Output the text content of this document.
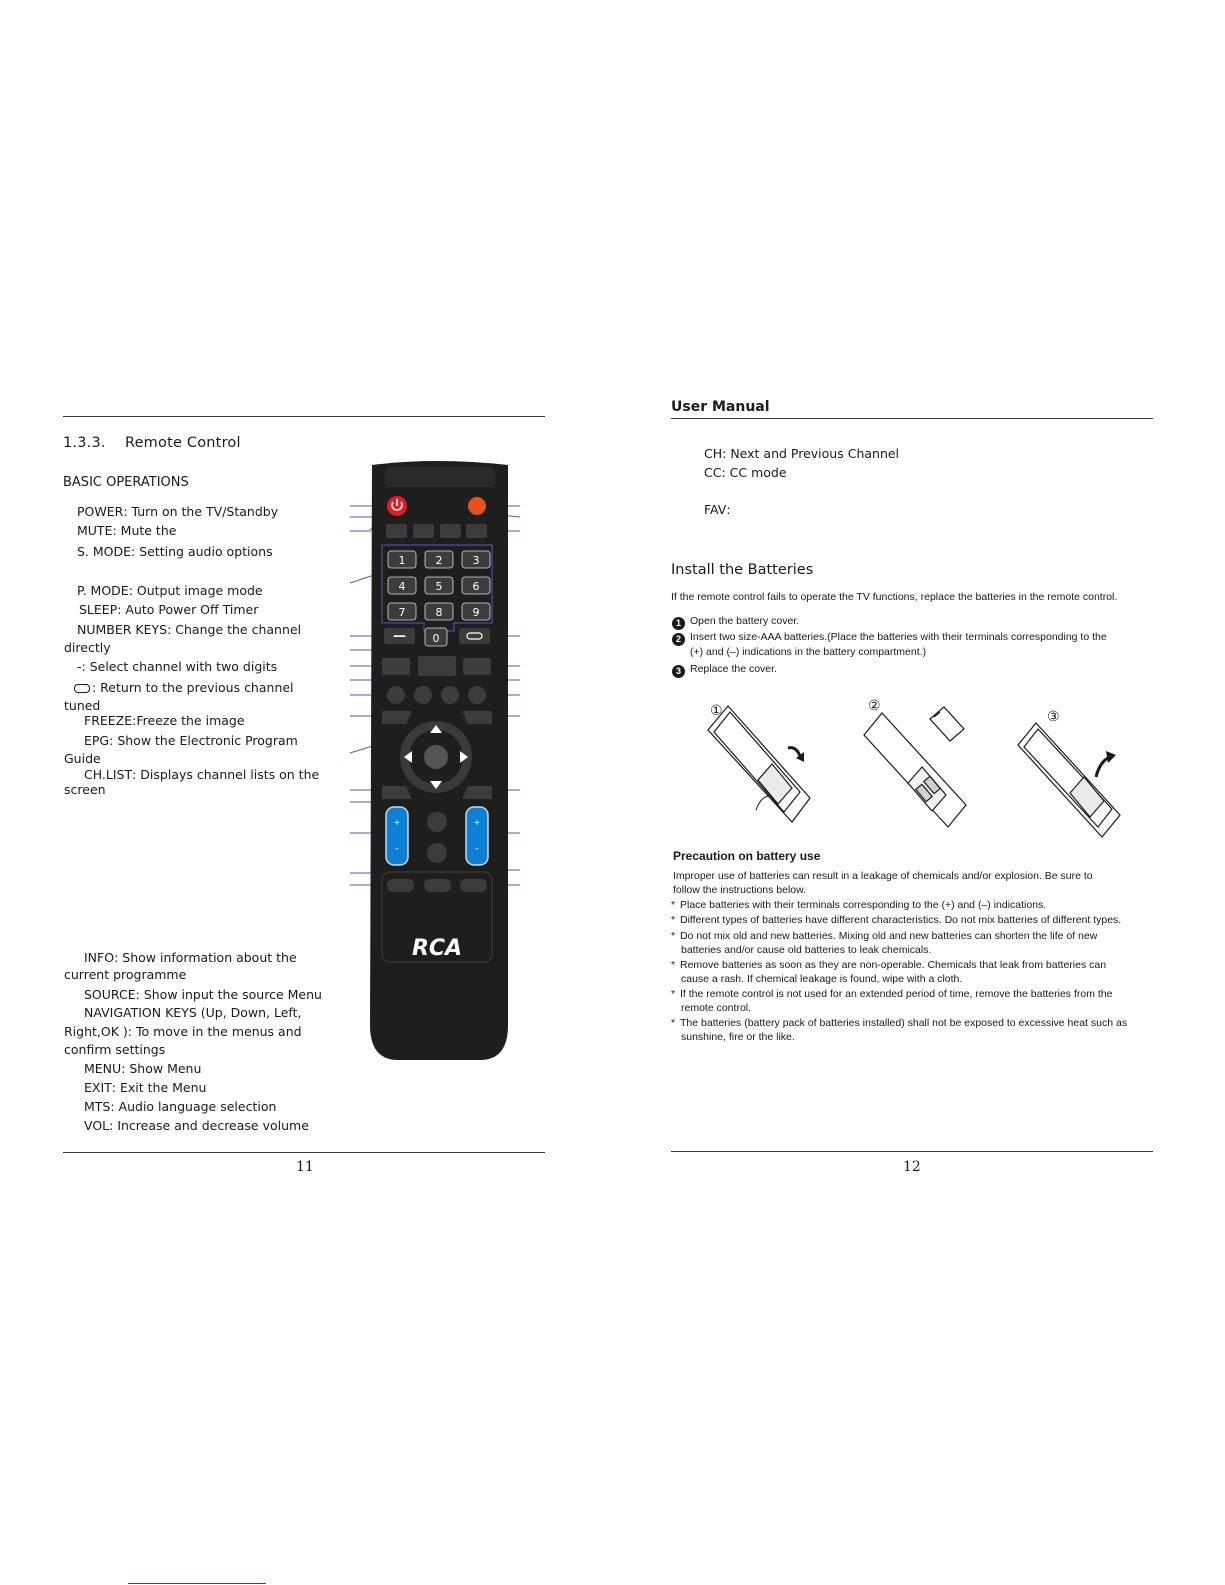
1.3.3.    Remote Control
BASIC OPERATIONS
POWER: Turn on the TV/Standby
MUTE: Mute the
S. MODE: Setting audio options
P. MODE: Output image mode
SLEEP: Auto Power Off Timer
NUMBER KEYS: Change the channel
directly
-: Select channel with two digits
: Return to the previous channel
tuned
FREEZE:Freeze the image
EPG: Show the Electronic Program
Guide
CH.LIST: Displays channel lists on the
screen
INFO: Show information about the
current programme
SOURCE: Show input the source Menu
NAVIGATION KEYS (Up, Down, Left,
Right,OK ): To move in the menus and
confirm settings
MENU: Show Menu
EXIT: Exit the Menu
MTS: Audio language selection
VOL: Increase and decrease volume
11
1	2	3
4	5	6
7	8	9
— 0
+
-
+
-
RCA
User Manual
CH: Next and Previous Channel
CC: CC mode
FAV:
Install the Batteries
If the remote control fails to operate the TV functions, replace the batteries in the remote control.
1 Open the battery cover.
2 Insert two size-AAA batteries.(Place the batteries with their terminals corresponding to the
(+) and (–) indications in the battery compartment.)
3 Replace the cover.
①	②
③
Precaution on battery use
Improper use of batteries can result in a leakage of chemicals and/or explosion. Be sure to
follow the instructions below.
* Place batteries with their terminals corresponding to the (+) and (–) indications.
* Different types of batteries have different characteristics. Do not mix batteries of different types.
* Do not mix old and new batteries. Mixing old and new batteries can shorten the life of new
batteries and/or cause old batteries to leak chemicals.
* Remove batteries as soon as they are non-operable. Chemicals that leak from batteries can
cause a rash. If chemical leakage is found, wipe with a cloth.
* If the remote control is not used for an extended period of time, remove the batteries from the
remote control.
* The batteries (battery pack of batteries installed) shall not be exposed to excessive heat such as
sunshine, fire or the like.
12
